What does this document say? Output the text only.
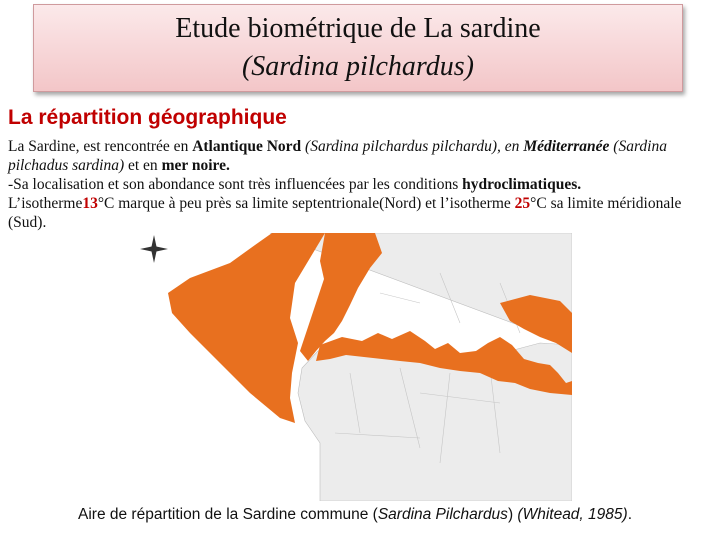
Etude biométrique de La sardine
(Sardina pilchardus)
La répartition géographique

La Sardine, est rencontrée en Atlantique Nord (Sardina pilchardus pilchardu), en Méditerranée (Sardina pilchadus sardina) et en mer noire.

-Sa localisation et son abondance sont très influencées par les conditions hydroclimatiques.

L’isotherme13°C marque à peu près sa limite septentrionale(Nord) et l’isotherme 25°C sa limite méridionale (Sud).

Aire de répartition de la Sardine commune (Sardina Pilchardus) (Whitead, 1985).
